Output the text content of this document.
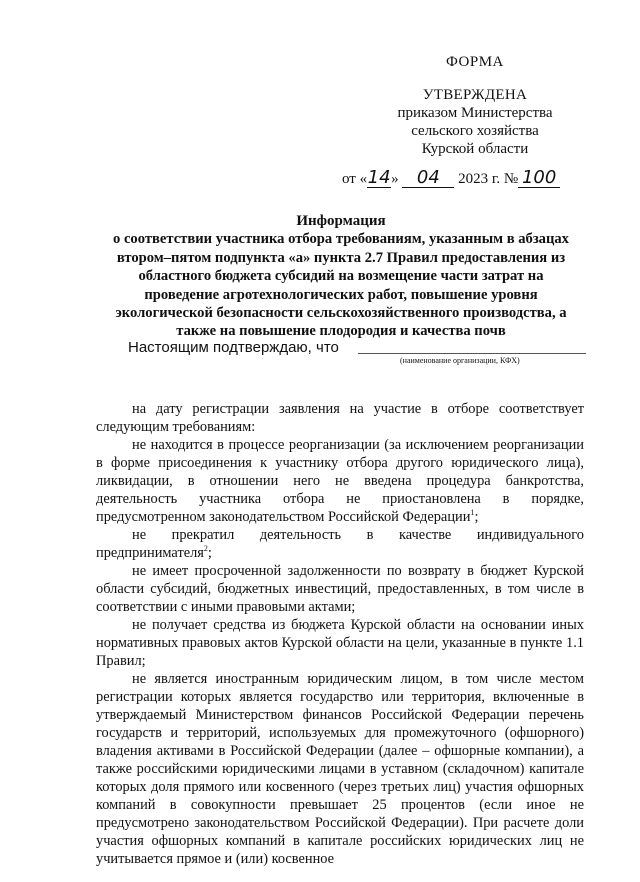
ФОРМА
УТВЕРЖДЕНА
приказом Министерства
сельского хозяйства
Курской области
от «14» 04 2023 г. № 100
Информация
о соответствии участника отбора требованиям, указанным в абзацах
втором–пятом подпункта «а» пункта 2.7 Правил предоставления из
областного бюджета субсидий на возмещение части затрат на
проведение агротехнологических работ, повышение уровня
экологической безопасности сельскохозяйственного производства, а
также на повышение плодородия и качества почв
Настоящим подтверждаю, что
(наименование организации, КФХ)

на дату регистрации заявления на участие в отборе соответствует следующим требованиям:

не находится в процессе реорганизации (за исключением реорганизации в форме присоединения к участнику отбора другого юридического лица), ликвидации, в отношении него не введена процедура банкротства, деятельность участника отбора не приостановлена в порядке, предусмотренном законодательством Российской Федерации$^1$;

не прекратил деятельность в качестве индивидуального предпринимателя$^2$;

не имеет просроченной задолженности по возврату в бюджет Курской области субсидий, бюджетных инвестиций, предоставленных, в том числе в соответствии с иными правовыми актами;

не получает средства из бюджета Курской области на основании иных нормативных правовых актов Курской области на цели, указанные в пункте 1.1 Правил;

не является иностранным юридическим лицом, в том числе местом регистрации которых является государство или территория, включенные в утверждаемый Министерством финансов Российской Федерации перечень государств и территорий, используемых для промежуточного (офшорного) владения активами в Российской Федерации (далее – офшорные компании), а также российскими юридическими лицами в уставном (складочном) капитале которых доля прямого или косвенного (через третьих лиц) участия офшорных компаний в совокупности превышает 25 процентов (если иное не предусмотрено законодательством Российской Федерации). При расчете доли участия офшорных компаний в капитале российских юридических лиц не учитывается прямое и (или) косвенное
